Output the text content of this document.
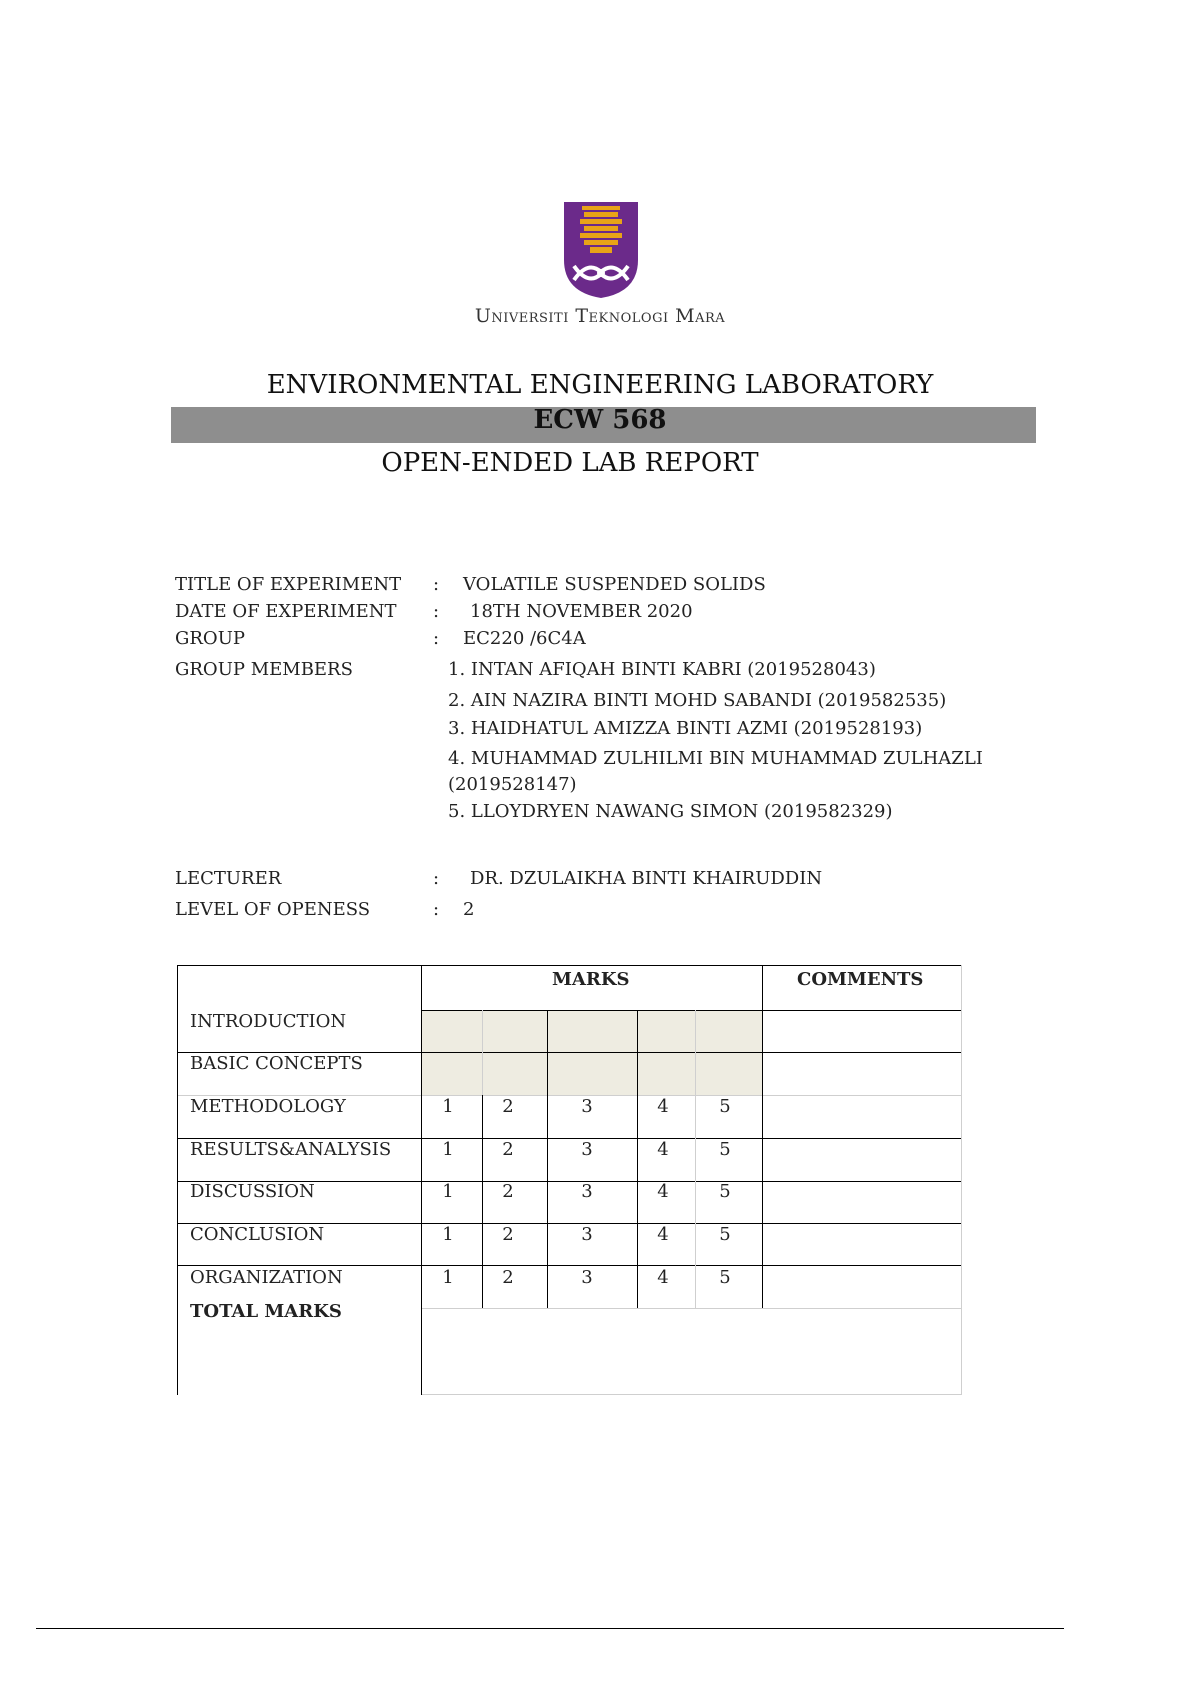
Universiti Teknologi Mara
ENVIRONMENTAL ENGINEERING LABORATORY
ECW 568
OPEN-ENDED LAB REPORT
TITLE OF EXPERIMENT : VOLATILE SUSPENDED SOLIDS
DATE OF EXPERIMENT : 18TH NOVEMBER 2020
GROUP	: EC220 /6C4A
GROUP MEMBERS	1. INTAN AFIQAH BINTI KABRI (2019528043)
2. AIN NAZIRA BINTI MOHD SABANDI (2019582535)
3. HAIDHATUL AMIZZA BINTI AZMI (2019528193)
4. MUHAMMAD ZULHILMI BIN MUHAMMAD ZULHAZLI
(2019528147)
5. LLOYDRYEN NAWANG SIMON (2019582329)
LECTURER	: DR. DZULAIKHA BINTI KHAIRUDDIN
LEVEL OF OPENESS	: 2
MARKS	COMMENTS
INTRODUCTION
BASIC CONCEPTS
METHODOLOGY	1	2	3	4	5
RESULTS&ANALYSIS	1	2	3	4	5
DISCUSSION	1	2	3	4	5
CONCLUSION	1	2	3	4	5
ORGANIZATION	1	2	3	4	5
TOTAL MARKS
